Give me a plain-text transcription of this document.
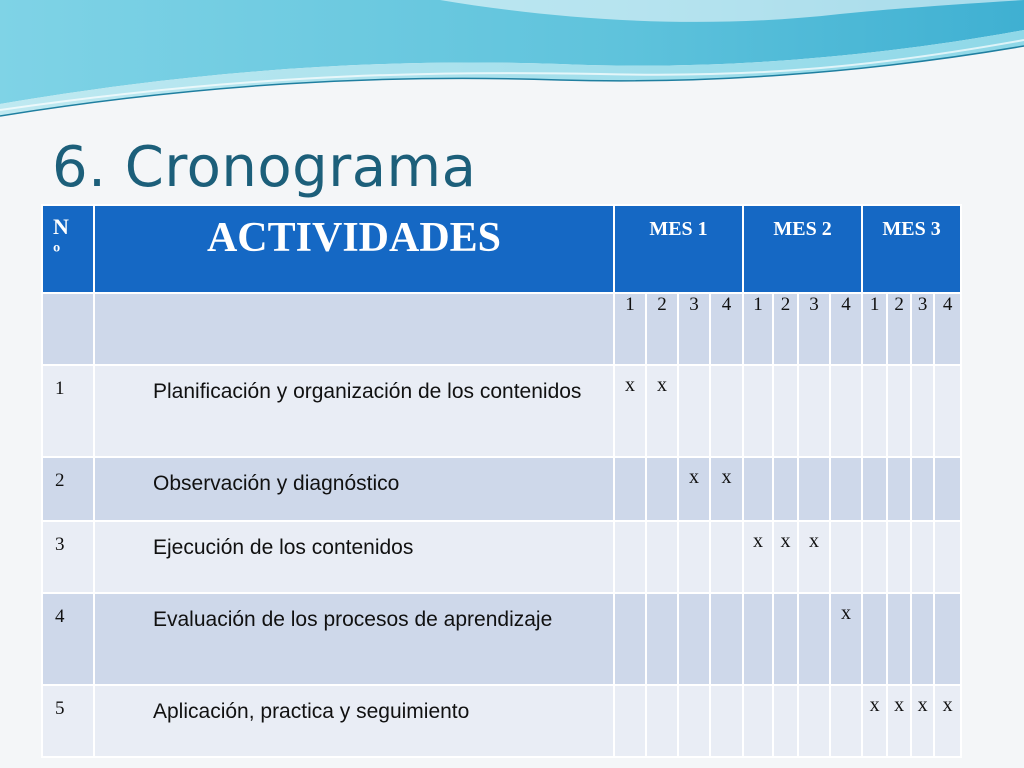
6. Cronograma
N
º	ACTIVIDADES	MES 1				MES 2				MES 3			
		1	2	3	4	1	2	3	4	1	2	3	4
1	Planificación y organización de los contenidos	x	x										
2	Observación y diagnóstico			x	x								
3	Ejecución de los contenidos					x	x	x					
4	Evaluación de los procesos de aprendizaje								x				
5	Aplicación, practica y seguimiento									x	x	x	x
